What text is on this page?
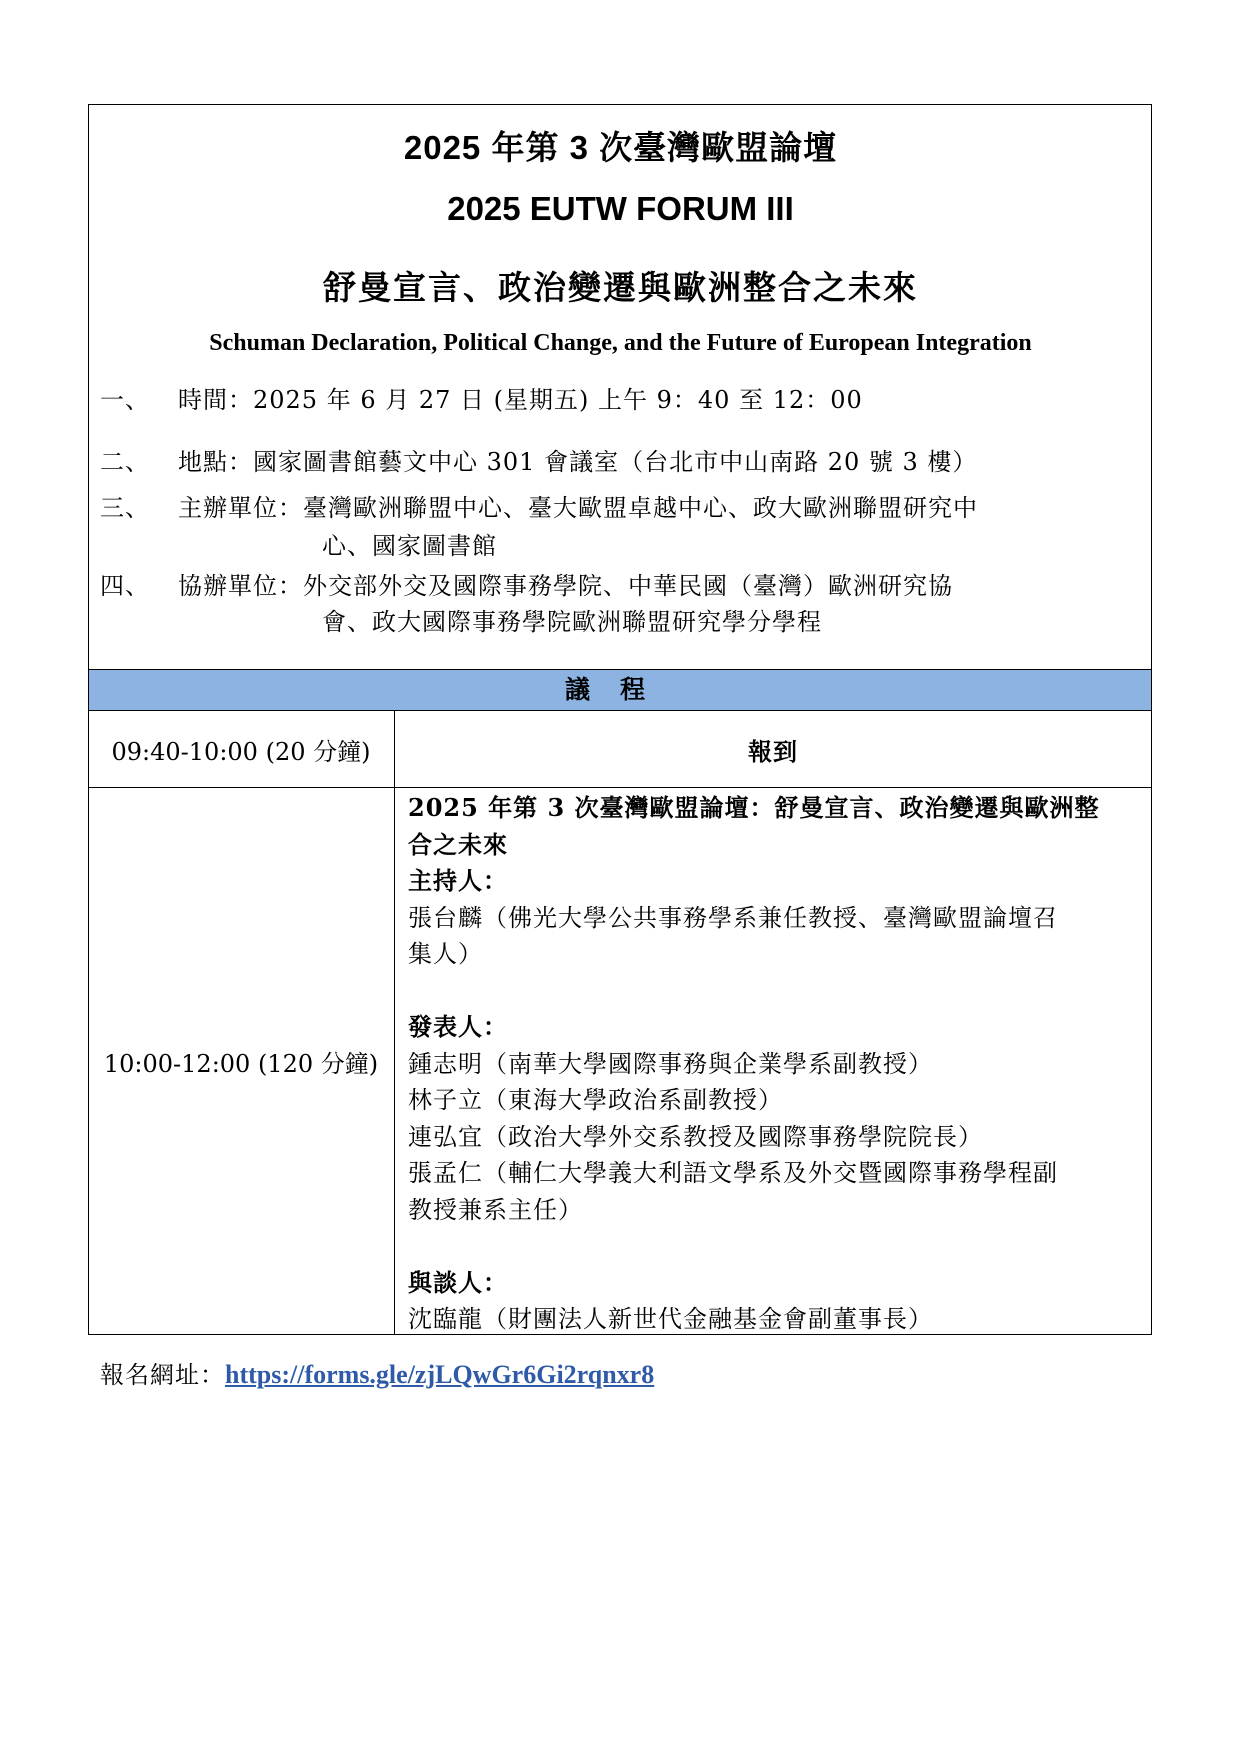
2025 年第 3 次臺灣歐盟論壇
2025 EUTW FORUM III
舒曼宣言、政治變遷與歐洲整合之未來
Schuman Declaration, Political Change, and the Future of European Integration
一、 時間：2025 年 6 月 27 日 (星期五) 上午 9：40 至 12：00
二、 地點：國家圖書館藝文中心 301 會議室（台北市中山南路 20 號 3 樓）
三、 主辦單位：臺灣歐洲聯盟中心、臺大歐盟卓越中心、政大歐洲聯盟研究中
心、國家圖書館
四、 協辦單位：外交部外交及國際事務學院、中華民國（臺灣）歐洲研究協
會、政大國際事務學院歐洲聯盟研究學分學程
議程
09:40-10:00 (20 分鐘)	報到
10:00-12:00 (120 分鐘)
2025 年第 3 次臺灣歐盟論壇：舒曼宣言、政治變遷與歐洲整
合之未來
主持人：
張台麟（佛光大學公共事務學系兼任教授、臺灣歐盟論壇召
集人）
發表人：
鍾志明（南華大學國際事務與企業學系副教授）
林子立（東海大學政治系副教授）
連弘宜（政治大學外交系教授及國際事務學院院長）
張孟仁（輔仁大學義大利語文學系及外交暨國際事務學程副
教授兼系主任）
與談人：
沈臨龍（財團法人新世代金融基金會副董事長）
報名網址：https://forms.gle/zjLQwGr6Gi2rqnxr8
